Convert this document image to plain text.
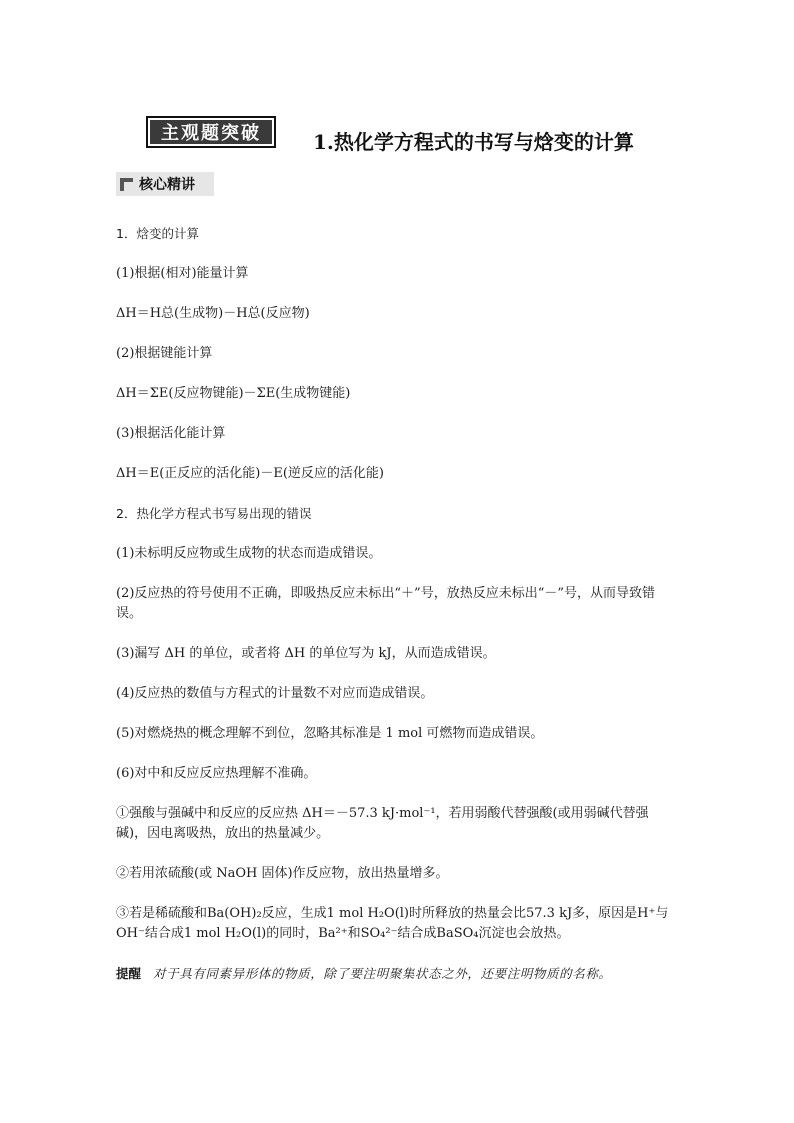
主观题突破	1.热化学方程式的书写与焓变的计算
核心精讲

1．焓变的计算

(1)根据(相对)能量计算

ΔH＝H总(生成物)－H总(反应物)

(2)根据键能计算

ΔH＝ΣE(反应物键能)－ΣE(生成物键能)

(3)根据活化能计算

ΔH＝E(正反应的活化能)－E(逆反应的活化能)

2．热化学方程式书写易出现的错误

(1)未标明反应物或生成物的状态而造成错误。

(2)反应热的符号使用不正确，即吸热反应未标出“＋”号，放热反应未标出“－”号，从而导致错误。

(3)漏写 ΔH 的单位，或者将 ΔH 的单位写为 kJ，从而造成错误。

(4)反应热的数值与方程式的计量数不对应而造成错误。

(5)对燃烧热的概念理解不到位，忽略其标准是 1 mol 可燃物而造成错误。

(6)对中和反应反应热理解不准确。

①强酸与强碱中和反应的反应热 ΔH＝－57.3 kJ·mol⁻¹，若用弱酸代替强酸(或用弱碱代替强碱)，因电离吸热，放出的热量减少。

②若用浓硫酸(或 NaOH 固体)作反应物，放出热量增多。

③若是稀硫酸和Ba(OH)₂反应，生成1 mol H₂O(l)时所释放的热量会比57.3 kJ多，原因是H⁺与OH⁻结合成1 mol H₂O(l)的同时，Ba²⁺和SO₄²⁻结合成BaSO₄沉淀也会放热。

提醒 对于具有同素异形体的物质，除了要注明聚集状态之外，还要注明物质的名称。
